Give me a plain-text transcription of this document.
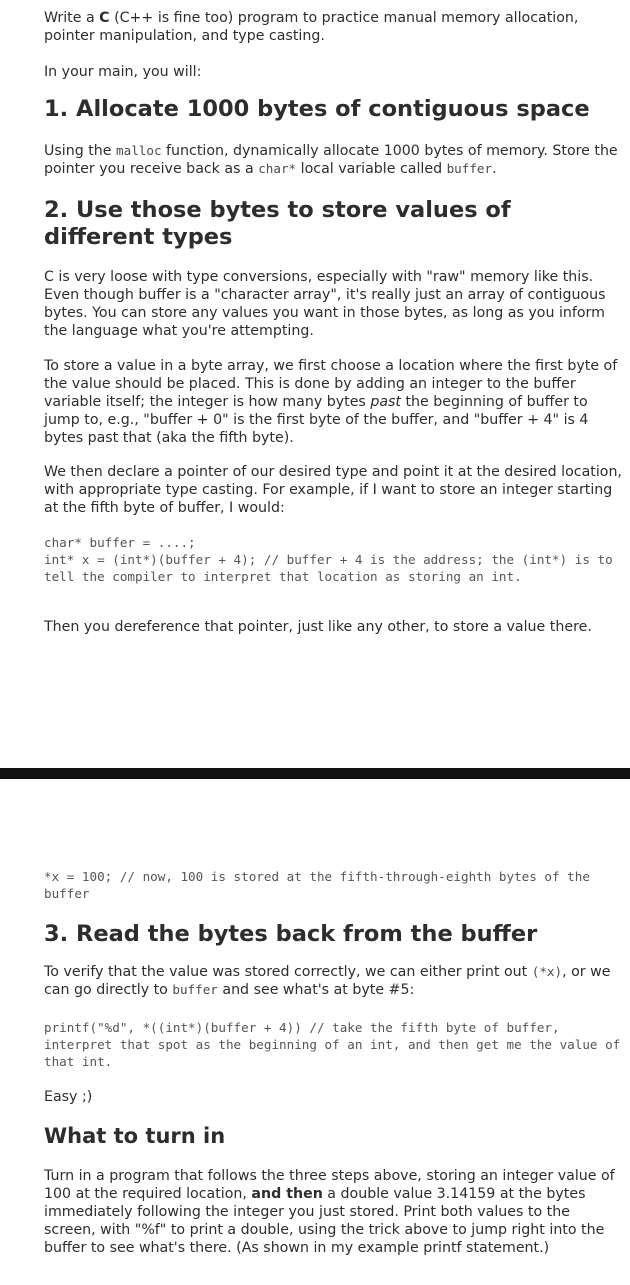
Write a C (C++ is fine too) program to practice manual memory allocation, pointer manipulation, and type casting.

In your main, you will:

1. Allocate 1000 bytes of contiguous space

Using the malloc function, dynamically allocate 1000 bytes of memory. Store the pointer you receive back as a char* local variable called buffer.

2. Use those bytes to store values of different types

C is very loose with type conversions, especially with "raw" memory like this. Even though buffer is a "character array", it's really just an array of contiguous bytes. You can store any values you want in those bytes, as long as you inform the language what you're attempting.

To store a value in a byte array, we first choose a location where the first byte of the value should be placed. This is done by adding an integer to the buffer variable itself; the integer is how many bytes past the beginning of buffer to jump to, e.g., "buffer + 0" is the first byte of the buffer, and "buffer + 4" is 4 bytes past that (aka the fifth byte).

We then declare a pointer of our desired type and point it at the desired location, with appropriate type casting. For example, if I want to store an integer starting at the fifth byte of buffer, I would:

char* buffer = ....;
int* x = (int*)(buffer + 4); // buffer + 4 is the address; the (int*) is to tell the compiler to interpret that location as storing an int.

Then you dereference that pointer, just like any other, to store a value there.

*x = 100; // now, 100 is stored at the fifth-through-eighth bytes of the buffer
3. Read the bytes back from the buffer

To verify that the value was stored correctly, we can either print out (*x), or we can go directly to buffer and see what's at byte #5:

printf("%d", *((int*)(buffer + 4)) // take the fifth byte of buffer, interpret that spot as the beginning of an int, and then get me the value of that int.

Easy ;)

What to turn in

Turn in a program that follows the three steps above, storing an integer value of 100 at the required location, and then a double value 3.14159 at the bytes immediately following the integer you just stored. Print both values to the screen, with "%f" to print a double, using the trick above to jump right into the buffer to see what's there. (As shown in my example printf statement.)
